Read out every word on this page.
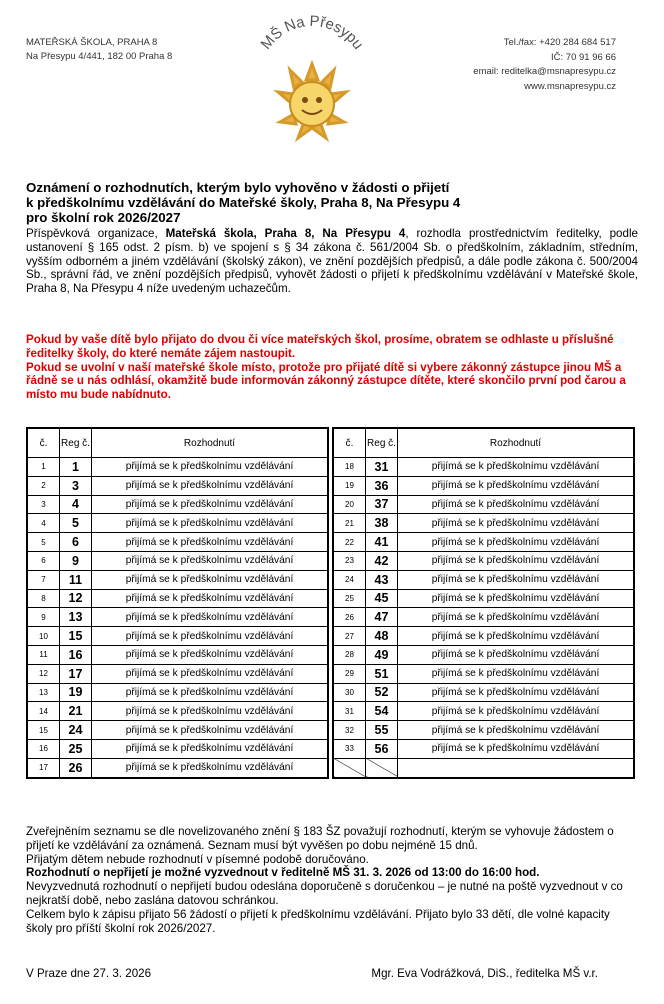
MATEŘSKÁ ŠKOLA, PRAHA 8
Na Přesypu 4/441, 182 00 Praha 8
MŠ Na Přesypu	Tel./fax: +420 284 684 517
IČ: 70 91 96 66
email: reditelka@msnapresypu.cz
www.msnapresypu.cz
Oznámení o rozhodnutích, kterým bylo vyhověno v žádosti o přijetí
k předškolnímu vzdělávání do Mateřské školy, Praha 8, Na Přesypu 4
pro školní rok 2026/2027
Příspěvková organizace, Mateřská škola, Praha 8, Na Přesypu 4, rozhodla prostřednictvím ředitelky, podle ustanovení § 165 odst. 2 písm. b) ve spojení s § 34 zákona č. 561/2004 Sb. o předškolním, základním, středním, vyšším odborném a jiném vzdělávání (školský zákon), ve znění pozdějších předpisů, a dále podle zákona č. 500/2004 Sb., správní řád, ve znění pozdějších předpisů, vyhovět žádosti o přijetí k předškolnímu vzdělávání v Mateřské škole, Praha 8, Na Přesypu 4 níže uvedeným uchazečům.
Pokud by vaše dítě bylo přijato do dvou či více mateřských škol, prosíme, obratem se odhlaste u příslušné ředitelky školy, do které nemáte zájem nastoupit.
Pokud se uvolní v naší mateřské škole místo, protože pro přijaté dítě si vybere zákonný zástupce jinou MŠ a řádně se u nás odhlásí, okamžitě bude informován zákonný zástupce dítěte, které skončilo první pod čarou a místo mu bude nabídnuto.
č.	Reg č.	Rozhodnutí
1	1	přijímá se k předškolnímu vzdělávání
2	3	přijímá se k předškolnímu vzdělávání
3	4	přijímá se k předškolnímu vzdělávání
4	5	přijímá se k předškolnímu vzdělávání
5	6	přijímá se k předškolnímu vzdělávání
6	9	přijímá se k předškolnímu vzdělávání
7	11	přijímá se k předškolnímu vzdělávání
8	12	přijímá se k předškolnímu vzdělávání
9	13	přijímá se k předškolnímu vzdělávání
10	15	přijímá se k předškolnímu vzdělávání
11	16	přijímá se k předškolnímu vzdělávání
12	17	přijímá se k předškolnímu vzdělávání
13	19	přijímá se k předškolnímu vzdělávání
14	21	přijímá se k předškolnímu vzdělávání
15	24	přijímá se k předškolnímu vzdělávání
16	25	přijímá se k předškolnímu vzdělávání
17	26	přijímá se k předškolnímu vzdělávání
č.	Reg č.	Rozhodnutí
18	31	přijímá se k předškolnímu vzdělávání
19	36	přijímá se k předškolnímu vzdělávání
20	37	přijímá se k předškolnímu vzdělávání
21	38	přijímá se k předškolnímu vzdělávání
22	41	přijímá se k předškolnímu vzdělávání
23	42	přijímá se k předškolnímu vzdělávání
24	43	přijímá se k předškolnímu vzdělávání
25	45	přijímá se k předškolnímu vzdělávání
26	47	přijímá se k předškolnímu vzdělávání
27	48	přijímá se k předškolnímu vzdělávání
28	49	přijímá se k předškolnímu vzdělávání
29	51	přijímá se k předškolnímu vzdělávání
30	52	přijímá se k předškolnímu vzdělávání
31	54	přijímá se k předškolnímu vzdělávání
32	55	přijímá se k předškolnímu vzdělávání
33	56	přijímá se k předškolnímu vzdělávání

Zveřejněním seznamu se dle novelizovaného znění § 183 ŠZ považují rozhodnutí, kterým se vyhovuje žádostem o přijetí ke vzdělávání za oznámená. Seznam musí být vyvěšen po dobu nejméně 15 dnů.
Přijatým dětem nebude rozhodnutí v písemné podobě doručováno.
Rozhodnutí o nepřijetí je možné vyzvednout v ředitelně MŠ 31. 3. 2026 od 13:00 do 16:00 hod.
Nevyzvednutá rozhodnutí o nepřijetí budou odeslána doporučeně s doručenkou – je nutné na poště vyzvednout v co nejkratší době, nebo zaslána datovou schránkou.
Celkem bylo k zápisu přijato 56 žádostí o přijetí k předškolnímu vzdělávání. Přijato bylo 33 dětí, dle volné kapacity školy pro příští školní rok 2026/2027.
V Praze dne 27. 3. 2026	Mgr. Eva Vodrážková, DiS., ředitelka MŠ v.r.
